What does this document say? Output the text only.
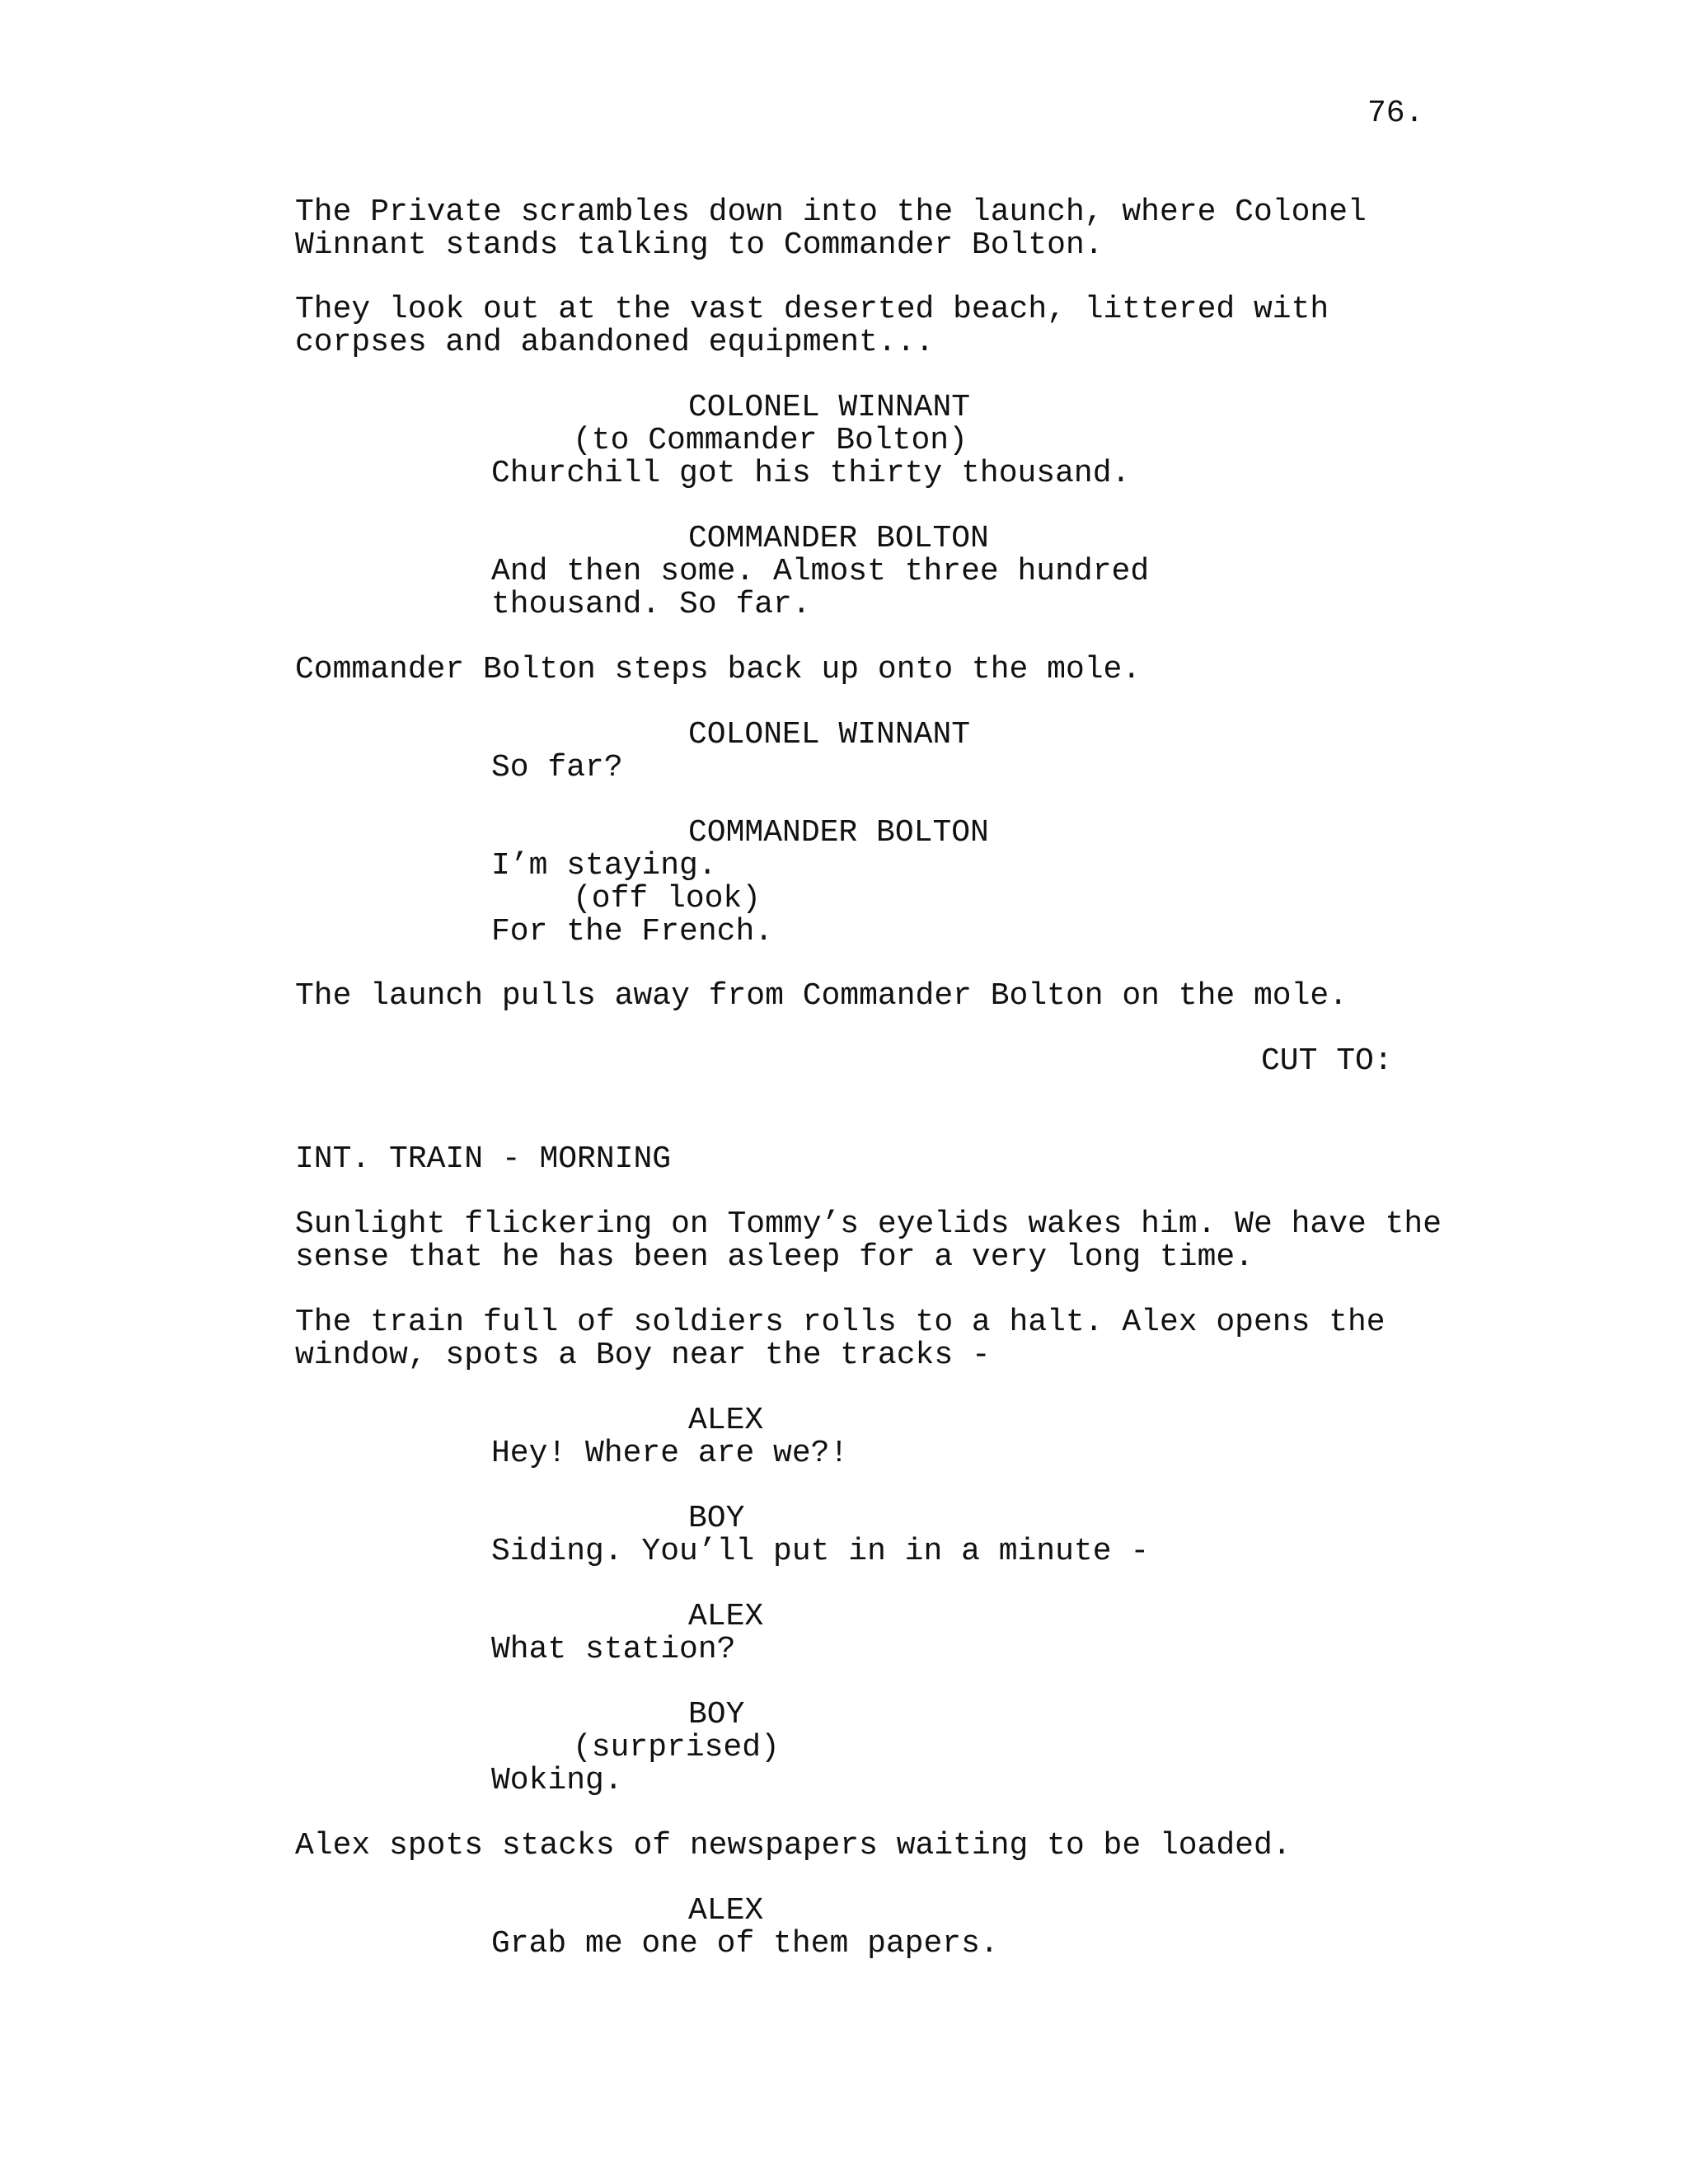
76.
The Private scrambles down into the launch, where Colonel
Winnant stands talking to Commander Bolton.
They look out at the vast deserted beach, littered with
corpses and abandoned equipment...
COLONEL WINNANT
(to Commander Bolton)
Churchill got his thirty thousand.
COMMANDER BOLTON
And then some. Almost three hundred
thousand. So far.
Commander Bolton steps back up onto the mole.
COLONEL WINNANT
So far?
COMMANDER BOLTON
I’m staying.
(off look)
For the French.
The launch pulls away from Commander Bolton on the mole.
CUT TO:
INT. TRAIN - MORNING
Sunlight flickering on Tommy’s eyelids wakes him. We have the
sense that he has been asleep for a very long time.
The train full of soldiers rolls to a halt. Alex opens the
window, spots a Boy near the tracks -
ALEX
Hey! Where are we?!
BOY
Siding. You’ll put in in a minute -
ALEX
What station?
BOY
(surprised)
Woking.
Alex spots stacks of newspapers waiting to be loaded.
ALEX
Grab me one of them papers.
